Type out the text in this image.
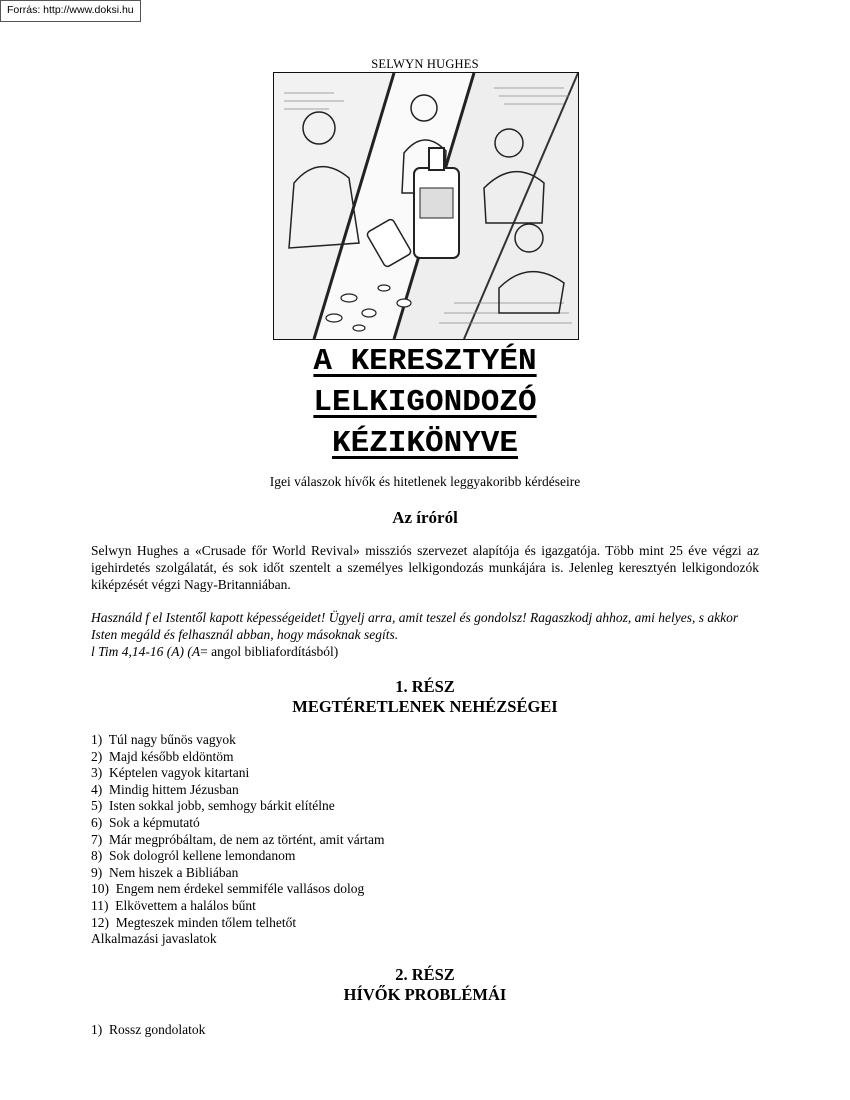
Forrás: http://www.doksi.hu
SELWYN HUGHES
A KERESZTYÉN
LELKIGONDOZÓ
KÉZIKÖNYVE
Igei válaszok hívők és hitetlenek leggyakoribb kérdéseire
Az íróról
Selwyn Hughes a «Crusade főr World Revival» missziós szervezet alapítója és igazgatója. Több mint 25 éve végzi az igehirdetés szolgálatát, és sok időt szentelt a személyes lelkigondozás munkájára is. Jelenleg keresztyén lelkigondozók kiképzését végzi Nagy-Britanniában.
Használd f el Istentől kapott képességeidet! Ügyelj arra, amit teszel és gondolsz! Ragaszkodj ahhoz, ami helyes, s akkor Isten megáld és felhasznál abban, hogy másoknak segíts.
l Tim 4,14-16 (A) (A= angol bibliafordításból)
1. RÉSZ
MEGTÉRETLENEK NEHÉZSÉGEI
1)  Túl nagy bűnös vagyok
2)  Majd később eldöntöm
3)  Képtelen vagyok kitartani
4)  Mindig hittem Jézusban
5)  Isten sokkal jobb, semhogy bárkit elítélne
6)  Sok a képmutató
7)  Már megpróbáltam, de nem az történt, amit vártam
8)  Sok dologról kellene lemondanom
9)  Nem hiszek a Bibliában
10)  Engem nem érdekel semmiféle vallásos dolog
11)  Elkövettem a halálos bűnt
12)  Megteszek minden tőlem telhetőt
Alkalmazási javaslatok
2. RÉSZ
HÍVŐK PROBLÉMÁI
1)  Rossz gondolatok
